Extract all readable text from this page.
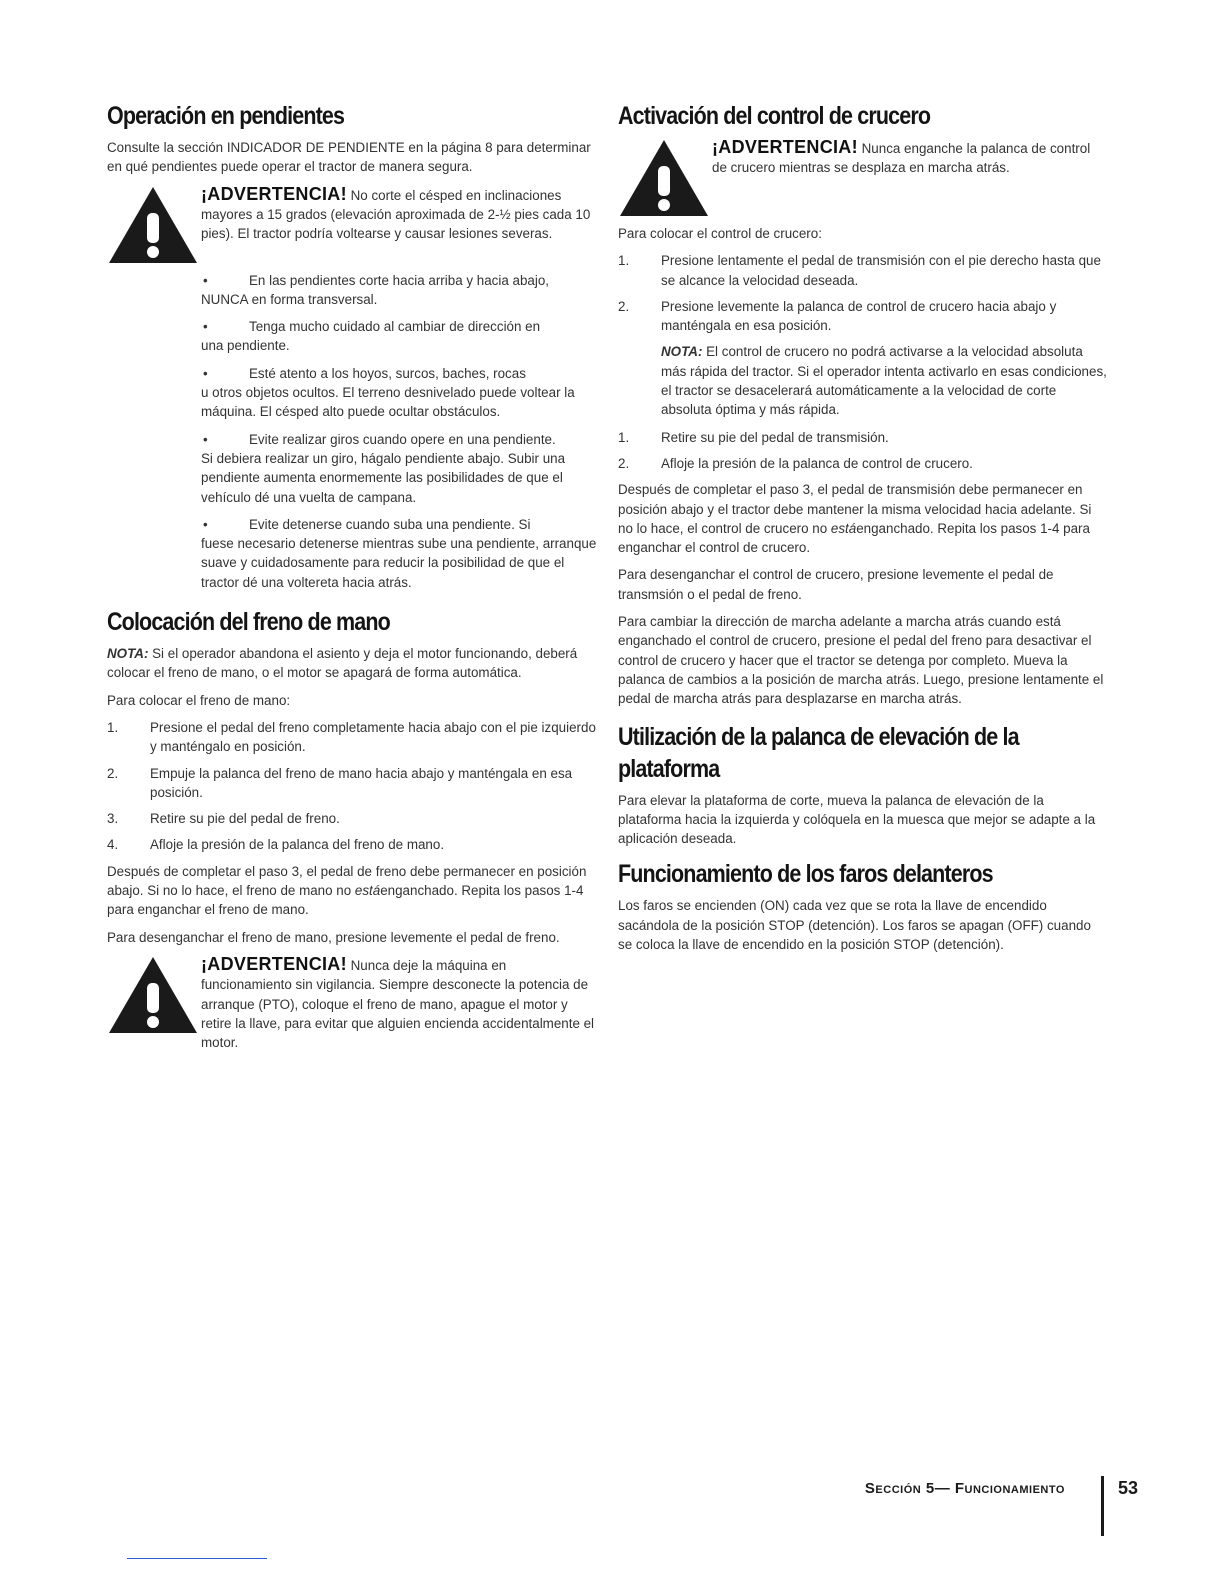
Operación en pendientes

Consulte la sección INDICADOR DE PENDIENTE en la página 8 para determinar en qué pendientes puede operar el tractor de manera segura.

¡ADVERTENCIA! No corte el césped en inclinaciones mayores a 15 grados (elevación aproximada de 2-½ pies cada 10 pies). El tractor podría voltearse y causar lesiones severas.
•	En las pendientes corte hacia arriba y hacia abajo,
NUNCA en forma transversal.
•	Tenga mucho cuidado al cambiar de dirección en
una pendiente.
•	Esté atento a los hoyos, surcos, baches, rocas
u otros objetos ocultos. El terreno desnivelado puede voltear la máquina. El césped alto puede ocultar obstáculos.
•	Evite realizar giros cuando opere en una pendiente.
Si debiera realizar un giro, hágalo pendiente abajo. Subir una pendiente aumenta enormemente las posibilidades de que el vehículo dé una vuelta de campana.
•	Evite detenerse cuando suba una pendiente. Si
fuese necesario detenerse mientras sube una pendiente, arranque suave y cuidadosamente para reducir la posibilidad de que el tractor dé una voltereta hacia atrás.
Colocación del freno de mano

NOTA: Si el operador abandona el asiento y deja el motor funcionando, deberá colocar el freno de mano, o el motor se apagará de forma automática.

Para colocar el freno de mano:

1.	Presione el pedal del freno completamente hacia abajo con el pie izquierdo y manténgalo en posición.
2.	Empuje la palanca del freno de mano hacia abajo y manténgala en esa posición.
3.	Retire su pie del pedal de freno.
4.	Afloje la presión de la palanca del freno de mano.

Después de completar el paso 3, el pedal de freno debe permanecer en posición abajo. Si no lo hace, el freno de mano no estáenganchado. Repita los pasos 1-4 para enganchar el freno de mano.

Para desenganchar el freno de mano, presione levemente el pedal de freno.

¡ADVERTENCIA! Nunca deje la máquina en funcionamiento sin vigilancia. Siempre desconecte la potencia de arranque (PTO), coloque el freno de mano, apague el motor y retire la llave, para evitar que alguien encienda accidentalmente el motor.
Activación del control de crucero
¡ADVERTENCIA! Nunca enganche la palanca de control de crucero mientras se desplaza en marcha atrás.

Para colocar el control de crucero:

1.	Presione lentamente el pedal de transmisión con el pie derecho hasta que se alcance la velocidad deseada.
2.	Presione levemente la palanca de control de crucero hacia abajo y manténgala en esa posición.

NOTA: El control de crucero no podrá activarse a la velocidad absoluta más rápida del tractor. Si el operador intenta activarlo en esas condiciones, el tractor se desacelerará automáticamente a la velocidad de corte absoluta óptima y más rápida.

1.	Retire su pie del pedal de transmisión.
2.	Afloje la presión de la palanca de control de crucero.

Después de completar el paso 3, el pedal de transmisión debe permanecer en posición abajo y el tractor debe mantener la misma velocidad hacia adelante. Si no lo hace, el control de crucero no estáenganchado. Repita los pasos 1-4 para enganchar el control de crucero.

Para desenganchar el control de crucero, presione levemente el pedal de transmsión o el pedal de freno.

Para cambiar la dirección de marcha adelante a marcha atrás cuando está enganchado el control de crucero, presione el pedal del freno para desactivar el control de crucero y hacer que el tractor se detenga por completo. Mueva la palanca de cambios a la posición de marcha atrás. Luego, presione lentamente el pedal de marcha atrás para desplazarse en marcha atrás.

Utilización de la palanca de elevación de la plataforma

Para elevar la plataforma de corte, mueva la palanca de elevación de la plataforma hacia la izquierda y colóquela en la muesca que mejor se adapte a la aplicación deseada.

Funcionamiento de los faros delanteros

Los faros se encienden (ON) cada vez que se rota la llave de encendido sacándola de la posición STOP (detención). Los faros se apagan (OFF) cuando se coloca la llave de encendido en la posición STOP (detención).

Sección 5— Funcionamiento	53
